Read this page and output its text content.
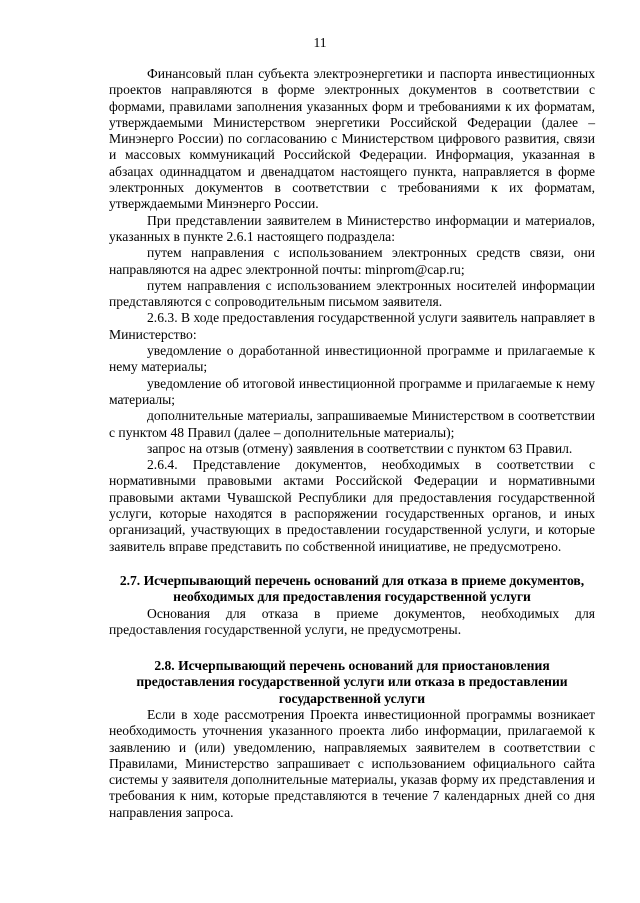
11

Финансовый план субъекта электроэнергетики и паспорта инвестиционных проектов направляются в форме электронных документов в соответствии с формами, правилами заполнения указанных форм и требованиями к их форматам, утверждаемыми Министерством энергетики Российской Федерации (далее – Минэнерго России) по согласованию с Министерством цифрового развития, связи и массовых коммуникаций Российской Федерации. Информация, указанная в абзацах одиннадцатом и двенадцатом настоящего пункта, направляется в форме электронных документов в соответствии с требованиями к их форматам, утверждаемыми Минэнерго России.

При представлении заявителем в Министерство информации и материалов, указанных в пункте 2.6.1 настоящего подраздела:

путем направления с использованием электронных средств связи, они направляются на адрес электронной почты: minprom@cap.ru;

путем направления с использованием электронных носителей информации представляются с сопроводительным письмом заявителя.

2.6.3. В ходе предоставления государственной услуги заявитель направляет в Министерство:

уведомление о доработанной инвестиционной программе и прилагаемые к нему материалы;

уведомление об итоговой инвестиционной программе и прилагаемые к нему материалы;

дополнительные материалы, запрашиваемые Министерством в соответствии с пунктом 48 Правил (далее – дополнительные материалы);

запрос на отзыв (отмену) заявления в соответствии с пунктом 63 Правил.

2.6.4. Представление документов, необходимых в соответствии с нормативными правовыми актами Российской Федерации и нормативными правовыми актами Чувашской Республики для предоставления государственной услуги, которые находятся в распоряжении государственных органов, и иных организаций, участвующих в предоставлении государственной услуги, и которые заявитель вправе представить по собственной инициативе, не предусмотрено.

2.7. Исчерпывающий перечень оснований для отказа в приеме документов, необходимых для предоставления государственной услуги

Основания для отказа в приеме документов, необходимых для предоставления государственной услуги, не предусмотрены.

2.8. Исчерпывающий перечень оснований для приостановления предоставления государственной услуги или отказа в предоставлении государственной услуги

Если в ходе рассмотрения Проекта инвестиционной программы возникает необходимость уточнения указанного проекта либо информации, прилагаемой к заявлению и (или) уведомлению, направляемых заявителем в соответствии с Правилами, Министерство запрашивает с использованием официального сайта системы у заявителя дополнительные материалы, указав форму их представления и требования к ним, которые представляются в течение 7 календарных дней со дня направления запроса.
